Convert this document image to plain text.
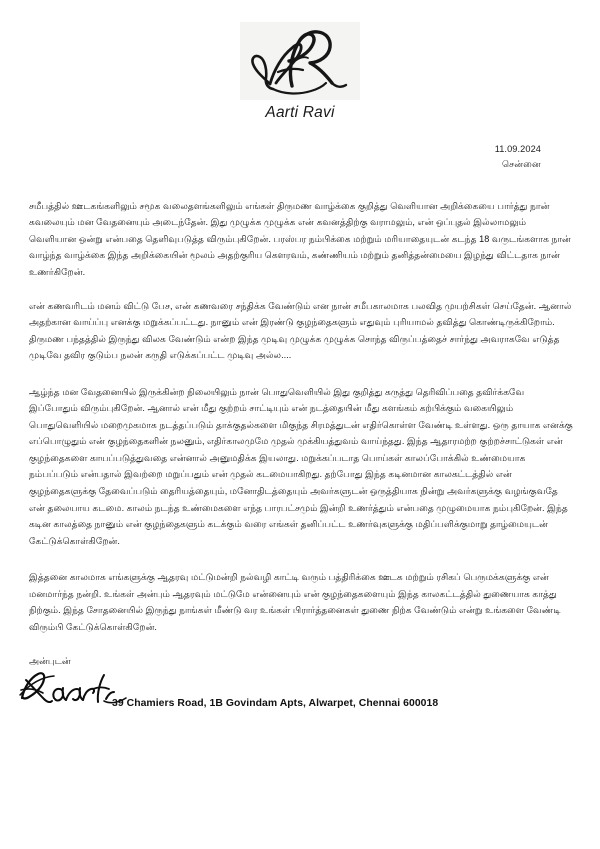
Aarti Ravi
11.09.2024
சென்னை

சமீபத்தில் ஊடகங்களிலும் சமூக வலைதளங்களிலும் எங்கள் திருமண வாழ்க்கை குறித்து வெளியான அறிக்கையை பார்த்து நான் கவலையும் மன வேதனையும் அடைந்தேன். இது முழுக்க முழுக்க என் கவனத்திற்கு வராமலும், என் ஒப்புதல் இல்லாமலும் வெளியான ஒன்று என்பதை தெளிவுபடுத்த விரும்புகிறேன். பரஸ்பர நம்பிக்கை மற்றும் மரியாதையுடன் கடந்த 18 வருடங்களாக நான் வாழ்ந்த வாழ்க்கை இந்த அறிக்கையின் மூலம் அதற்குரிய கௌரவம், கண்ணியம் மற்றும் தனித்தன்மையை இழந்து விட்டதாக நான் உணர்கிறேன்.

என் கணவரிடம் மனம் விட்டு பேச, என் கணவரை சந்திக்க வேண்டும் என நான் சமீபகாலமாக பலவித முயற்சிகள் செய்தேன். ஆனால் அதற்கான வாய்ப்பு எனக்கு மறுக்கப்பட்டது. நானும் என் இரண்டு குழந்தைகளும் எதுவும் புரியாமல் தவித்து கொண்டிருக்கிறோம். திருமண பந்தத்தில் இருந்து விலக வேண்டும் என்ற இந்த முடிவு முழுக்க முழுக்க சொந்த விருப்பத்தைச் சார்ந்து அவராகவே எடுத்த முடிவே தவிர குடும்ப நலன் கருதி எடுக்கப்பட்ட முடிவு அல்ல....

ஆழ்ந்த மன வேதனையில் இருக்கின்ற நிலையிலும் நான் பொதுவெளியில் இது குறித்து கருத்து தெரிவிப்பதை தவிர்க்கவே இப்போதும் விரும்புகிறேன். ஆனால் என் மீது குற்றம் சாட்டியும் என் நடத்தையின் மீது களங்கம் கற்பிக்கும் வகையிலும் பொதுவெளியில் மறைமுகமாக நடத்தப்படும் தாக்குதல்களை மிகுந்த சிரமத்துடன் எதிர்கொள்ள வேண்டி உள்ளது. ஒரு தாயாக எனக்கு எப்பொழுதும் என் குழந்தைகளின் நலனும், எதிர்காலமுமே முதல் முக்கியத்துவம் வாய்ந்தது. இந்த ஆதாரமற்ற குற்றச்சாட்டுகள் என் குழந்தைகளை காயப்படுத்துவதை என்னால் அனுமதிக்க இயலாது. மறுக்கப்படாத பொய்கள் காலப்போக்கில் உண்மையாக நம்பப்படும் என்பதால் இவற்றை மறுப்பதும் என் முதல் கடமையாகிறது. தற்போது இந்த கடினமான காலகட்டத்தில் என் குழந்தைகளுக்கு தேவைப்படும் தைரியத்தையும், மனோதிடத்தையும் அவர்களுடன் ஒருத்தியாக நின்று அவர்களுக்கு வழங்குவதே என் தலையாய கடமை. காலம் நடந்த உண்மைகளை எந்த பாரபட்சமும் இன்றி உணர்த்தும் என்பதை முழுமையாக நம்புகிறேன். இந்த கடின காலத்தை நானும் என் குழந்தைகளும் கடக்கும் வரை எங்கள் தனிப்பட்ட உணர்வுகளுக்கு மதிப்பளிக்குமாறு தாழ்மையுடன் கேட்டுக்கொள்கிறேன்.

இத்தனை காலமாக எங்களுக்கு ஆதரவு மட்டுமன்றி நல்வழி காட்டி வரும் பத்திரிக்கை ஊடக மற்றும் ரசிகப் பெருமக்களுக்கு என் மனமார்ந்த நன்றி. உங்கள் அன்பும் ஆதரவும் மட்டுமே என்னையும் என் குழந்தைகளையும் இந்த காலகட்டத்தில் துணையாக காத்து நிற்கும். இந்த சோதனையில் இருந்து நாங்கள் மீண்டு வர உங்கள் பிரார்த்தனைகள் துணை நிற்க வேண்டும் என்று உங்களை வேண்டி விரும்பி கேட்டுக்கொள்கிறேன்.

அன்புடன்
39 Chamiers Road, 1B Govindam Apts, Alwarpet, Chennai 600018
